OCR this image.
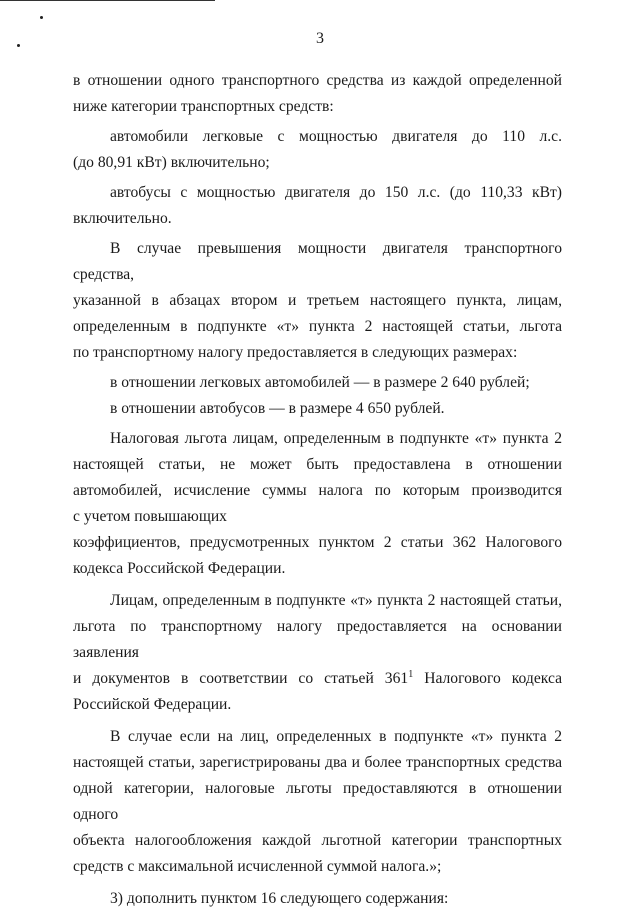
3

в отношении одного транспортного средства из каждой определенной

ниже категории транспортных средств:

автомобили легковые с мощностью двигателя до 110 л.с.

(до 80,91 кВт) включительно;

автобусы с мощностью двигателя до 150 л.с. (до 110,33 кВт)

включительно.

В случае превышения мощности двигателя транспортного средства,

указанной в абзацах втором и третьем настоящего пункта, лицам,

определенным в подпункте «т» пункта 2 настоящей статьи, льгота

по транспортному налогу предоставляется в следующих размерах:

в отношении легковых автомобилей — в размере 2 640 рублей;

в отношении автобусов — в размере 4 650 рублей.

Налоговая льгота лицам, определенным в подпункте «т» пункта 2

настоящей статьи, не может быть предоставлена в отношении

автомобилей, исчисление суммы налога по которым производится

с учетом повышающих

коэффициентов, предусмотренных пунктом 2 статьи 362 Налогового

кодекса Российской Федерации.

Лицам, определенным в подпункте «т» пункта 2 настоящей статьи,

льгота по транспортному налогу предоставляется на основании заявления

и документов в соответствии со статьей $361^1$ Налогового кодекса

Российской Федерации.

В случае если на лиц, определенных в подпункте «т» пункта 2

настоящей статьи, зарегистрированы два и более транспортных средства

одной категории, налоговые льготы предоставляются в отношении одного

объекта налогообложения каждой льготной категории транспортных

средств с максимальной исчисленной суммой налога.»;

3) дополнить пунктом 16 следующего содержания:
